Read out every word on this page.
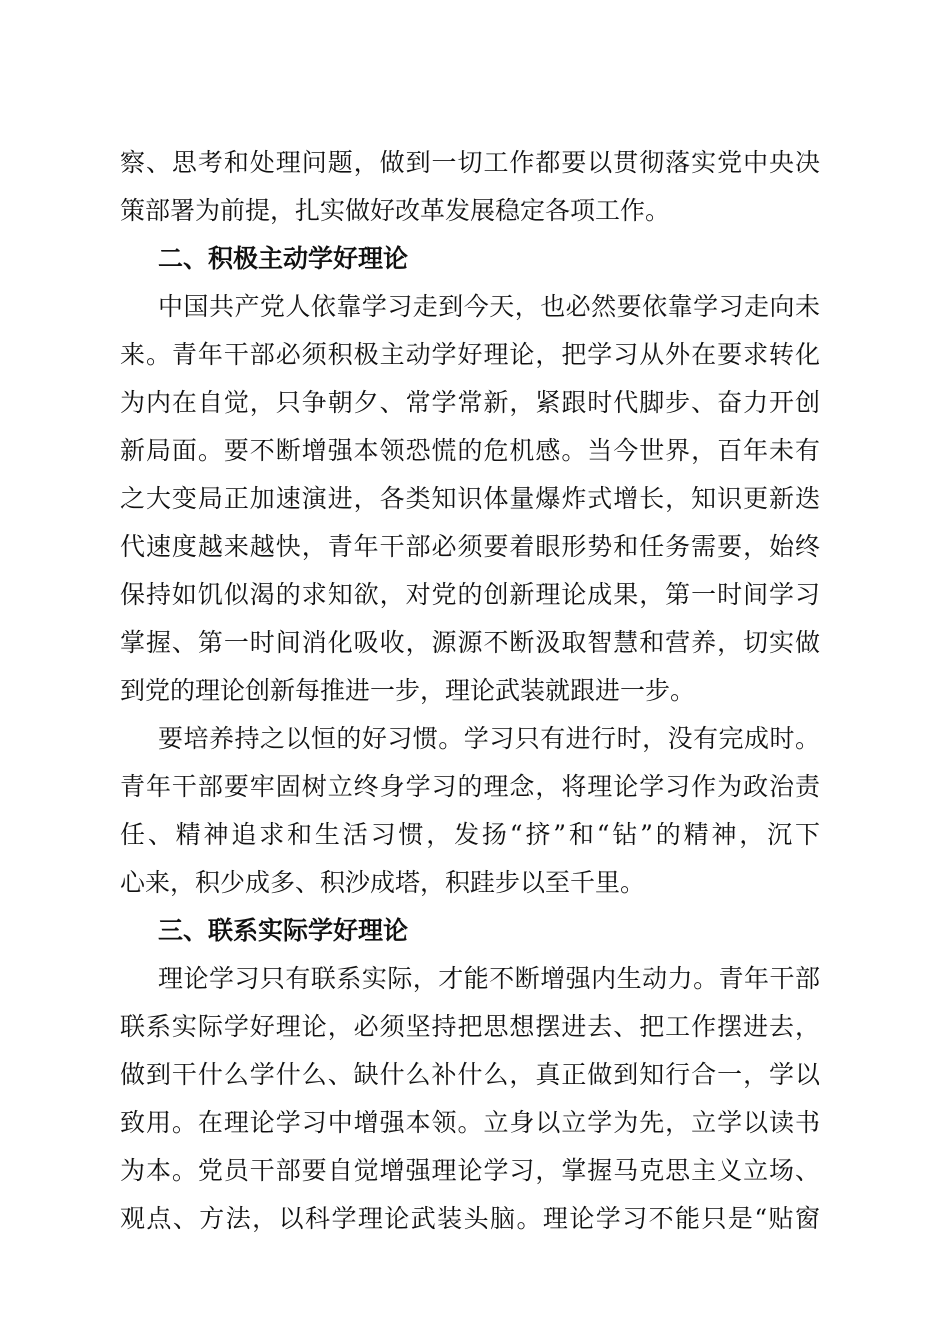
察、思考和处理问题，做到一切工作都要以贯彻落实党中央决
策部署为前提，扎实做好改革发展稳定各项工作。
二、积极主动学好理论
中国共产党人依靠学习走到今天，也必然要依靠学习走向未
来。青年干部必须积极主动学好理论，把学习从外在要求转化
为内在自觉，只争朝夕、常学常新，紧跟时代脚步、奋力开创
新局面。要不断增强本领恐慌的危机感。当今世界，百年未有
之大变局正加速演进，各类知识体量爆炸式增长，知识更新迭
代速度越来越快，青年干部必须要着眼形势和任务需要，始终
保持如饥似渴的求知欲，对党的创新理论成果，第一时间学习
掌握、第一时间消化吸收，源源不断汲取智慧和营养，切实做
到党的理论创新每推进一步，理论武装就跟进一步。
要培养持之以恒的好习惯。学习只有进行时，没有完成时。
青年干部要牢固树立终身学习的理念，将理论学习作为政治责
任、精神追求和生活习惯，发扬“挤”和“钻”的精神，沉下
心来，积少成多、积沙成塔，积跬步以至千里。
三、联系实际学好理论
理论学习只有联系实际，才能不断增强内生动力。青年干部
联系实际学好理论，必须坚持把思想摆进去、把工作摆进去，
做到干什么学什么、缺什么补什么，真正做到知行合一，学以
致用。在理论学习中增强本领。立身以立学为先，立学以读书
为本。党员干部要自觉增强理论学习，掌握马克思主义立场、
观点、方法，以科学理论武装头脑。理论学习不能只是“贴窗
